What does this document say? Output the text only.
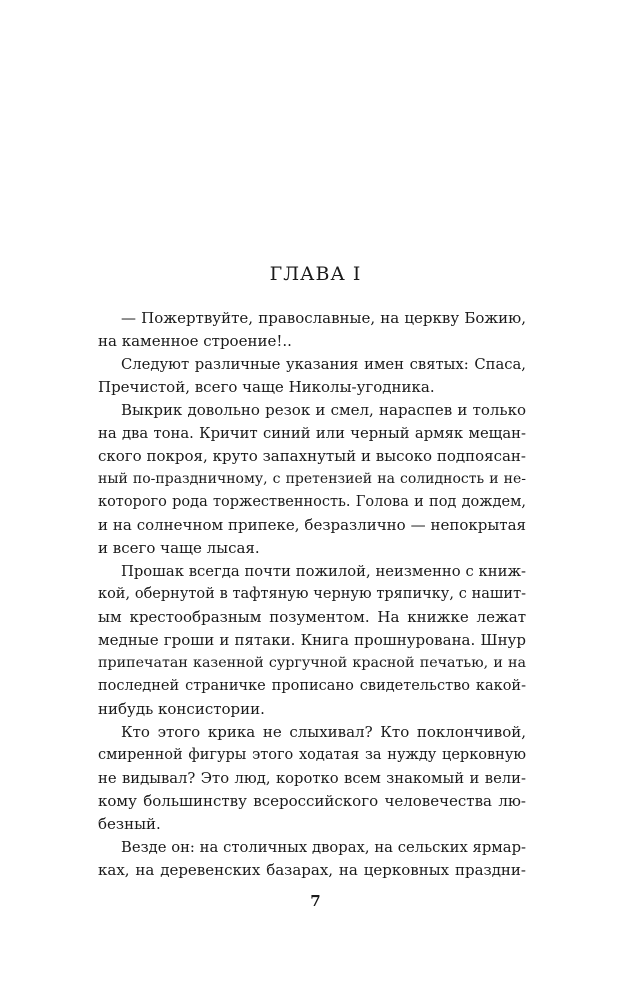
ГЛАВА I
— Пожертвуйте, православные, на церкву Божию,
на каменное строение!..
Следуют различные указания имен святых: Спаса,
Пречистой, всего чаще Николы-угодника.
Выкрик довольно резок и смел, нараспев и только
на два тона. Кричит синий или черный армяк мещан-
ского покроя, круто запахнутый и высоко подпоясан-
ный по-праздничному, с претензией на солидность и не-
которого рода торжественность. Голова и под дождем,
и на солнечном припеке, безразлично — непокрытая
и всего чаще лысая.
Прошак всегда почти пожилой, неизменно с книж-
кой, обернутой в тафтяную черную тряпичку, с нашит-
ым крестообразным позументом. На книжке лежат
медные гроши и пятаки. Книга прошнурована. Шнур
припечатан казенной сургучной красной печатью, и на
последней страничке прописано свидетельство какой-
нибудь консистории.
Кто этого крика не слыхивал? Кто поклончивой,
смиренной фигуры этого ходатая за нужду церковную
не видывал? Это люд, коротко всем знакомый и вели-
кому большинству всероссийского человечества лю-
безный.
Везде он: на столичных дворах, на сельских ярмар-
ках, на деревенских базарах, на церковных праздни-
7
